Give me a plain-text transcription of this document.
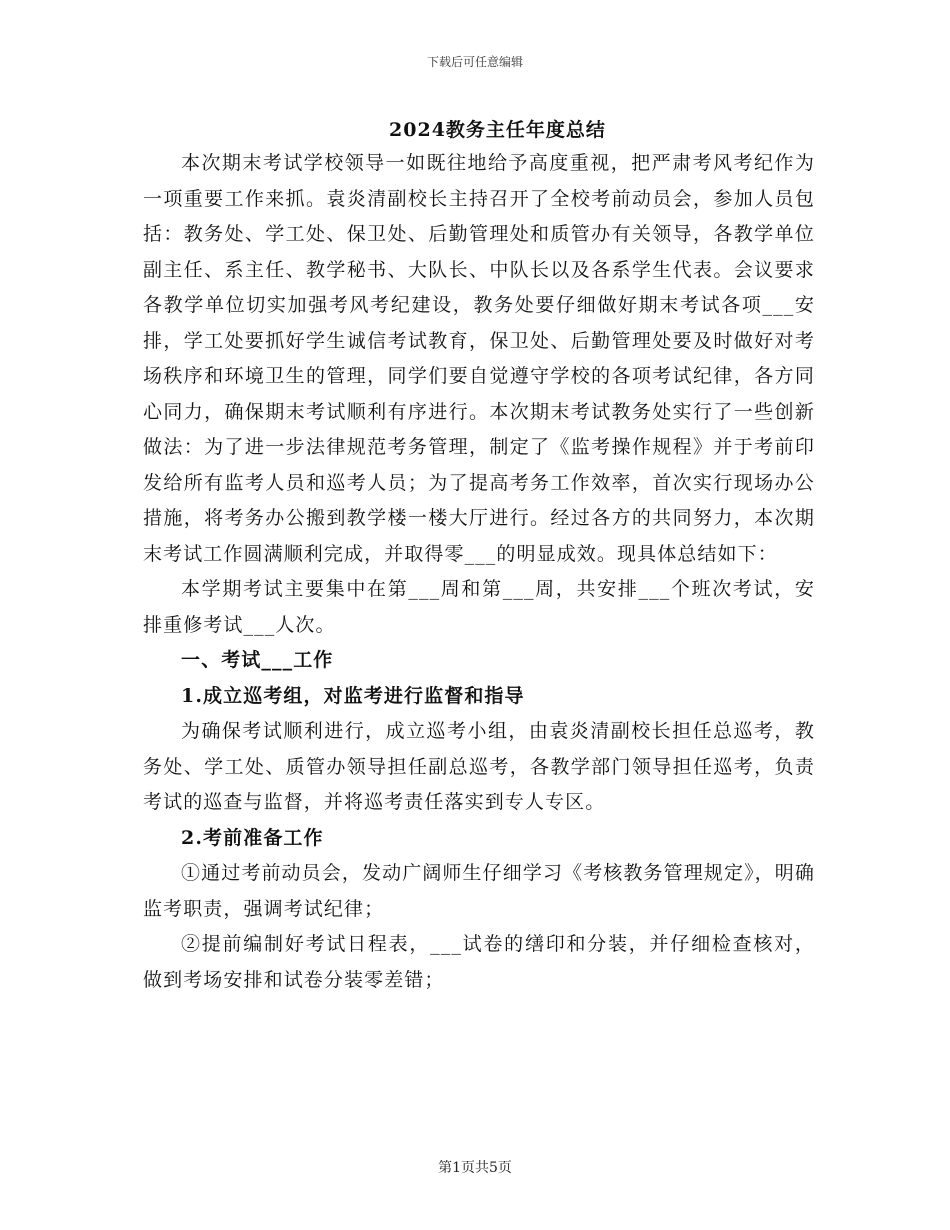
下载后可任意编辑
2024教务主任年度总结

本次期末考试学校领导一如既往地给予高度重视，把严肃考风考纪作为一项重要工作来抓。袁炎清副校长主持召开了全校考前动员会，参加人员包括：教务处、学工处、保卫处、后勤管理处和质管办有关领导，各教学单位副主任、系主任、教学秘书、大队长、中队长以及各系学生代表。会议要求各教学单位切实加强考风考纪建设，教务处要仔细做好期末考试各项___安排，学工处要抓好学生诚信考试教育，保卫处、后勤管理处要及时做好对考场秩序和环境卫生的管理，同学们要自觉遵守学校的各项考试纪律，各方同心同力，确保期末考试顺利有序进行。本次期末考试教务处实行了一些创新做法：为了进一步法律规范考务管理，制定了《监考操作规程》并于考前印发给所有监考人员和巡考人员；为了提高考务工作效率，首次实行现场办公措施，将考务办公搬到教学楼一楼大厅进行。经过各方的共同努力，本次期末考试工作圆满顺利完成，并取得零___的明显成效。现具体总结如下：

本学期考试主要集中在第___周和第___周，共安排___个班次考试，安排重修考试___人次。

一、考试___工作

1.成立巡考组，对监考进行监督和指导

为确保考试顺利进行，成立巡考小组，由袁炎清副校长担任总巡考，教务处、学工处、质管办领导担任副总巡考，各教学部门领导担任巡考，负责考试的巡查与监督，并将巡考责任落实到专人专区。

2.考前准备工作

①通过考前动员会，发动广阔师生仔细学习《考核教务管理规定》，明确监考职责，强调考试纪律；

②提前编制好考试日程表，___试卷的缮印和分装，并仔细检查核对，做到考场安排和试卷分装零差错；

第1页共5页
